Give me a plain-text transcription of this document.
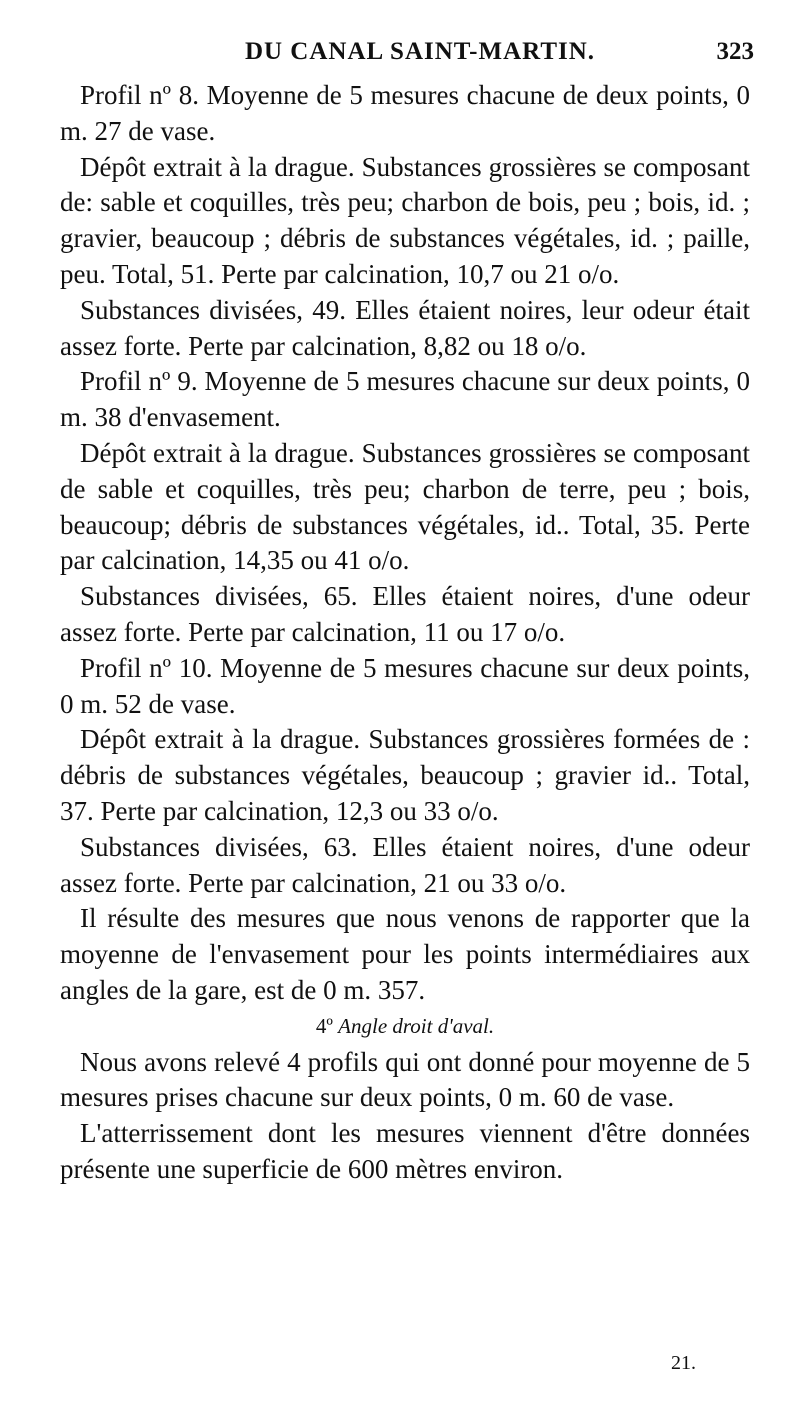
DU CANAL SAINT-MARTIN.	323

Profil nº 8. Moyenne de 5 mesures chacune de deux points, 0 m. 27 de vase.

Dépôt extrait à la drague. Substances grossières se composant de: sable et coquilles, très peu; charbon de bois, peu ; bois, id. ; gravier, beaucoup ; débris de substances végétales, id. ; paille, peu. Total, 51. Perte par calcination, 10,7 ou 21 o/o.

Substances divisées, 49. Elles étaient noires, leur odeur était assez forte. Perte par calcination, 8,82 ou 18 o/o.

Profil nº 9. Moyenne de 5 mesures chacune sur deux points, 0 m. 38 d'envasement.

Dépôt extrait à la drague. Substances grossières se composant de sable et coquilles, très peu; charbon de terre, peu ; bois, beaucoup; débris de substances végétales, id.. Total, 35. Perte par calcination, 14,35 ou 41 o/o.

Substances divisées, 65. Elles étaient noires, d'une odeur assez forte. Perte par calcination, 11 ou 17 o/o.

Profil nº 10. Moyenne de 5 mesures chacune sur deux points, 0 m. 52 de vase.

Dépôt extrait à la drague. Substances grossières formées de : débris de substances végétales, beaucoup ; gravier id.. Total, 37. Perte par calcination, 12,3 ou 33 o/o.

Substances divisées, 63. Elles étaient noires, d'une odeur assez forte. Perte par calcination, 21 ou 33 o/o.

Il résulte des mesures que nous venons de rapporter que la moyenne de l'envasement pour les points intermédiaires aux angles de la gare, est de 0 m. 357.

4º Angle droit d'aval.

Nous avons relevé 4 profils qui ont donné pour moyenne de 5 mesures prises chacune sur deux points, 0 m. 60 de vase.

L'atterrissement dont les mesures viennent d'être données présente une superficie de 600 mètres environ.

21.
